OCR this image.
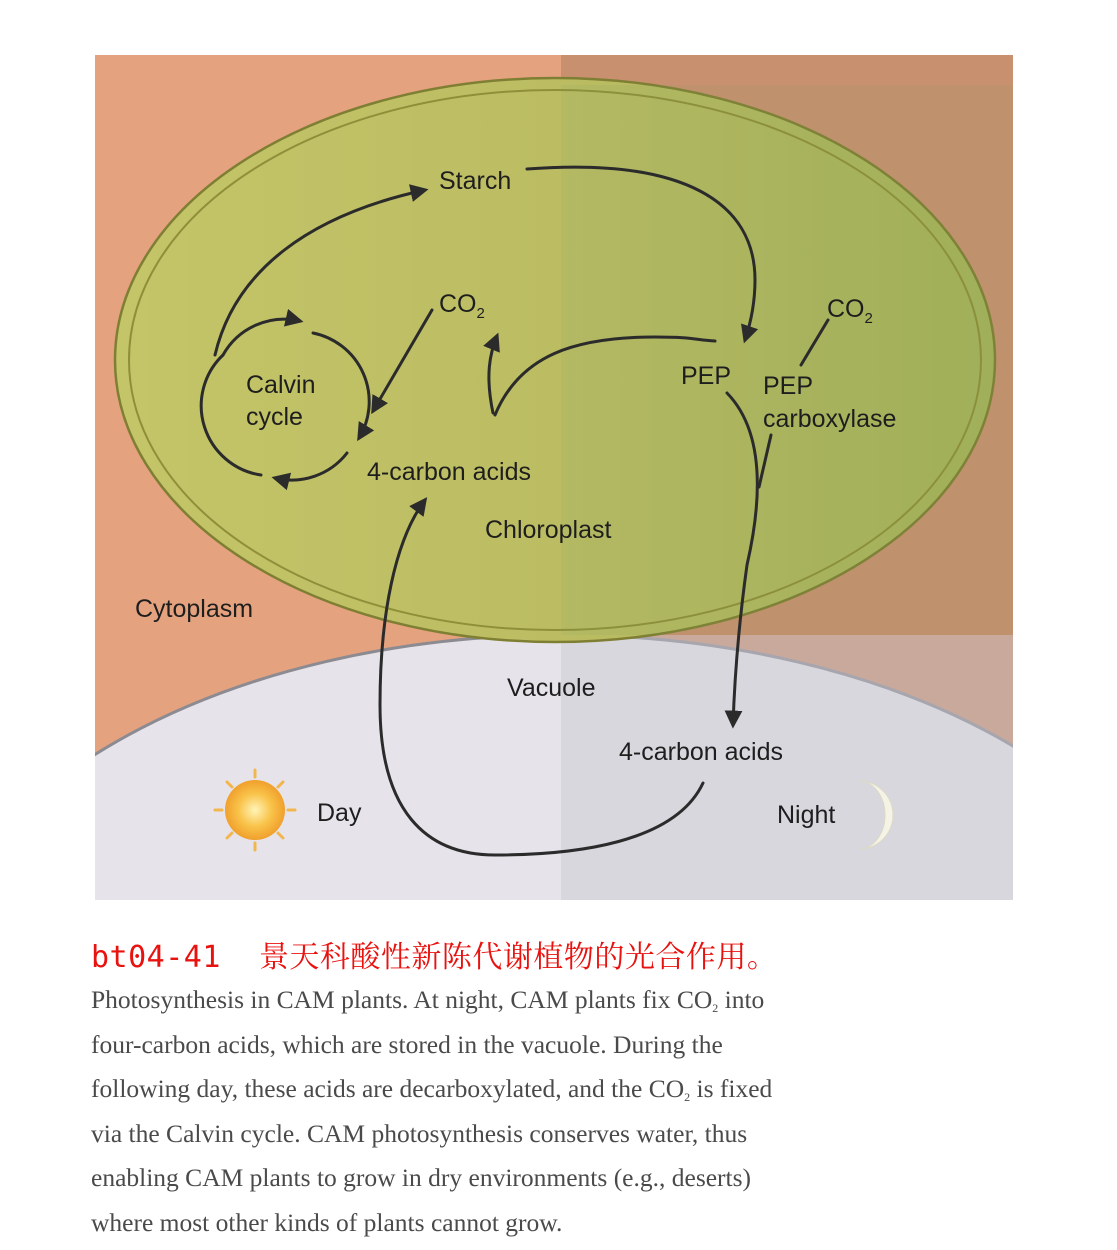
Starch
$CO_2$	$CO_2$
Calvin
cycle
PEP PEP
carboxylase
4-carbon acids
Chloroplast
Cytoplasm
Vacuole
4-carbon acids
Day	Night
bt04-41 景天科酸性新陈代谢植物的光合作用。
Photosynthesis in CAM plants. At night, CAM plants fix $CO_2$ into
four-carbon acids, which are stored in the vacuole. During the
following day, these acids are decarboxylated, and the $CO_2$ is fixed
via the Calvin cycle. CAM photosynthesis conserves water, thus
enabling CAM plants to grow in dry environments (e.g., deserts)
where most other kinds of plants cannot grow.
